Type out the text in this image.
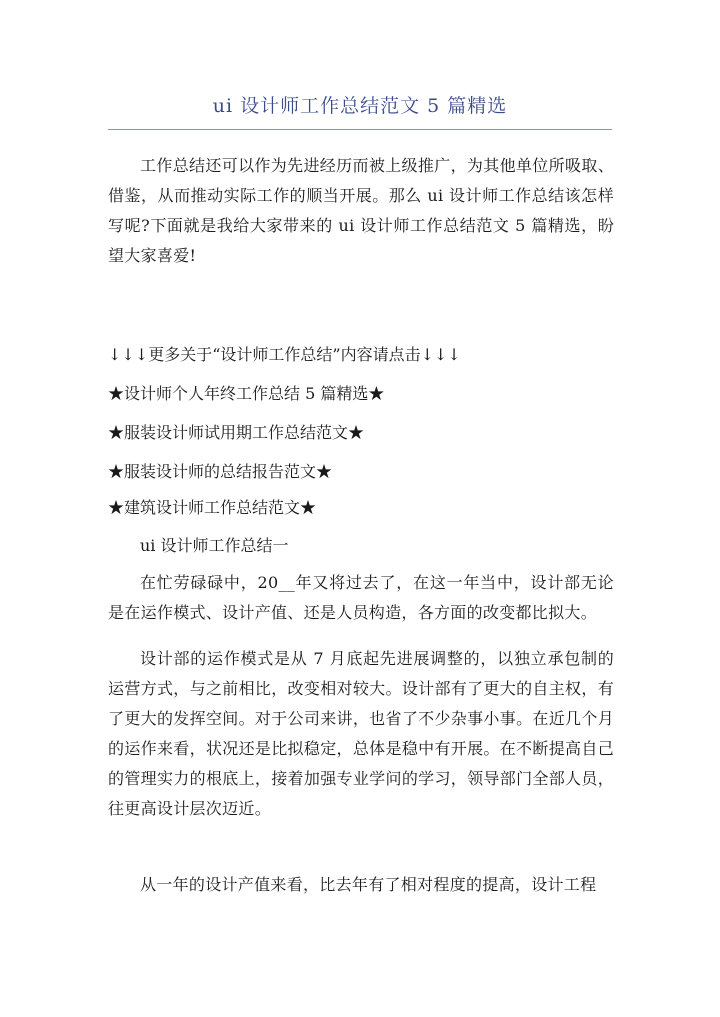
ui 设计师工作总结范文 5 篇精选
工作总结还可以作为先进经历而被上级推广，为其他单位所吸取、借鉴，从而推动实际工作的顺当开展。那么 ui 设计师工作总结该怎样写呢?下面就是我给大家带来的 ui 设计师工作总结范文 5 篇精选，盼望大家喜爱!
↓↓↓更多关于“设计师工作总结”内容请点击↓↓↓
★设计师个人年终工作总结 5 篇精选★
★服装设计师试用期工作总结范文★
★服装设计师的总结报告范文★
★建筑设计师工作总结范文★
ui 设计师工作总结一
在忙劳碌碌中，20__年又将过去了，在这一年当中，设计部无论是在运作模式、设计产值、还是人员构造，各方面的改变都比拟大。
设计部的运作模式是从 7 月底起先进展调整的，以独立承包制的运营方式，与之前相比，改变相对较大。设计部有了更大的自主权，有了更大的发挥空间。对于公司来讲，也省了不少杂事小事。在近几个月的运作来看，状况还是比拟稳定，总体是稳中有开展。在不断提高自己的管理实力的根底上，接着加强专业学问的学习，领导部门全部人员，往更高设计层次迈近。
从一年的设计产值来看，比去年有了相对程度的提高，设计工程
